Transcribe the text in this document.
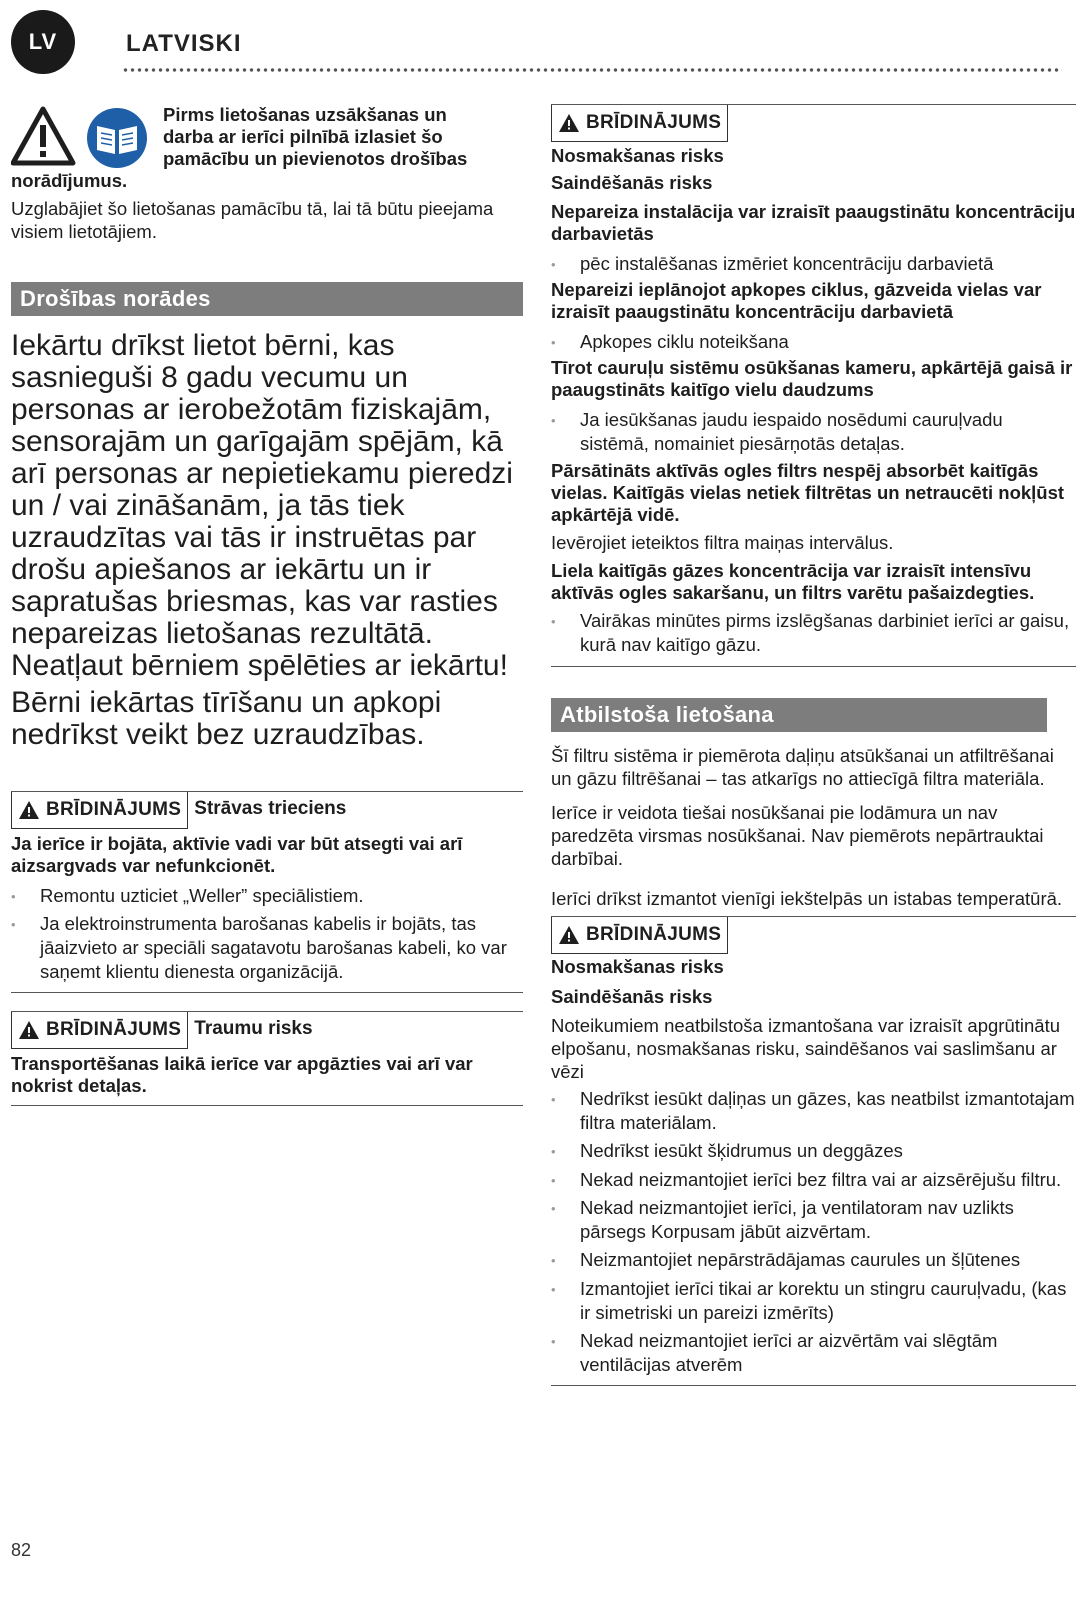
LV	LATVISKI

Pirms lietošanas uzsākšanas un

darba ar ierīci pilnībā izlasiet šo

pamācību un pievienotos drošības

norādījumus.

Uzglabājiet šo lietošanas pamācību tā, lai tā būtu pieejama visiem lietotājiem.

Drošības norādes

Iekārtu drīkst lietot bērni, kas sasnieguši 8 gadu vecumu un personas ar ierobežotām fiziskajām, sensorajām un garīgajām spējām, kā arī personas ar nepietiekamu pieredzi un / vai zināšanām, ja tās tiek uzraudzītas vai tās ir instruētas par drošu apiešanos ar iekārtu un ir sapratušas briesmas, kas var rasties nepareizas lietošanas rezultātā. Neatļaut bērniem spēlēties ar iekārtu!

Bērni iekārtas tīrīšanu un apkopi nedrīkst veikt bez uzraudzības.

BRĪDINĀJUMS Strāvas trieciens

Ja ierīce ir bojāta, aktīvie vadi var būt atsegti vai arī aizsargvads var nefunkcionēt.

• Remontu uzticiet „Weller” speciālistiem.
• Ja elektroinstrumenta barošanas kabelis ir bojāts, tas jāaizvieto ar speciāli sagatavotu barošanas kabeli, ko var saņemt klientu dienesta organizācijā.
BRĪDINĀJUMS Traumu risks

Transportēšanas laikā ierīce var apgāzties vai arī var nokrist detaļas.

BRĪDINĀJUMS

Nosmakšanas risks

Saindēšanās risks

Nepareiza instalācija var izraisīt paaugstinātu koncentrāciju darbavietās

• pēc instalēšanas izmēriet koncentrāciju darbavietā

Nepareizi ieplānojot apkopes ciklus, gāzveida vielas var izraisīt paaugstinātu koncentrāciju darbavietā

• Apkopes ciklu noteikšana

Tīrot cauruļu sistēmu osūkšanas kameru, apkārtējā gaisā ir paaugstināts kaitīgo vielu daudzums

• Ja iesūkšanas jaudu iespaido nosēdumi cauruļvadu sistēmā, nomainiet piesārņotās detaļas.

Pārsātināts aktīvās ogles filtrs nespēj absorbēt kaitīgās vielas. Kaitīgās vielas netiek filtrētas un netraucēti nokļūst apkārtējā vidē.

Ievērojiet ieteiktos filtra maiņas intervālus.

Liela kaitīgās gāzes koncentrācija var izraisīt intensīvu aktīvās ogles sakaršanu, un filtrs varētu pašaizdegties.

• Vairākas minūtes pirms izslēgšanas darbiniet ierīci ar gaisu, kurā nav kaitīgo gāzu.
Atbilstoša lietošana

Šī filtru sistēma ir piemērota daļiņu atsūkšanai un atfiltrēšanai un gāzu filtrēšanai – tas atkarīgs no attiecīgā filtra materiāla.

Ierīce ir veidota tiešai nosūkšanai pie lodāmura un nav paredzēta virsmas nosūkšanai. Nav piemērots nepārtrauktai darbībai.

Ierīci drīkst izmantot vienīgi iekštelpās un istabas temperatūrā.

BRĪDINĀJUMS

Nosmakšanas risks

Saindēšanās risks

Noteikumiem neatbilstoša izmantošana var izraisīt apgrūtinātu elpošanu, nosmakšanas risku, saindēšanos vai saslimšanu ar vēzi

• Nedrīkst iesūkt daļiņas un gāzes, kas neatbilst izmantotajam filtra materiālam.
• Nedrīkst iesūkt šķidrumus un deggāzes
• Nekad neizmantojiet ierīci bez filtra vai ar aizsērējušu filtru.
• Nekad neizmantojiet ierīci, ja ventilatoram nav uzlikts pārsegs Korpusam jābūt aizvērtam.
• Neizmantojiet nepārstrādājamas caurules un šļūtenes
• Izmantojiet ierīci tikai ar korektu un stingru cauruļvadu, (kas ir simetriski un pareizi izmērīts)
• Nekad neizmantojiet ierīci ar aizvērtām vai slēgtām ventilācijas atverēm
82
